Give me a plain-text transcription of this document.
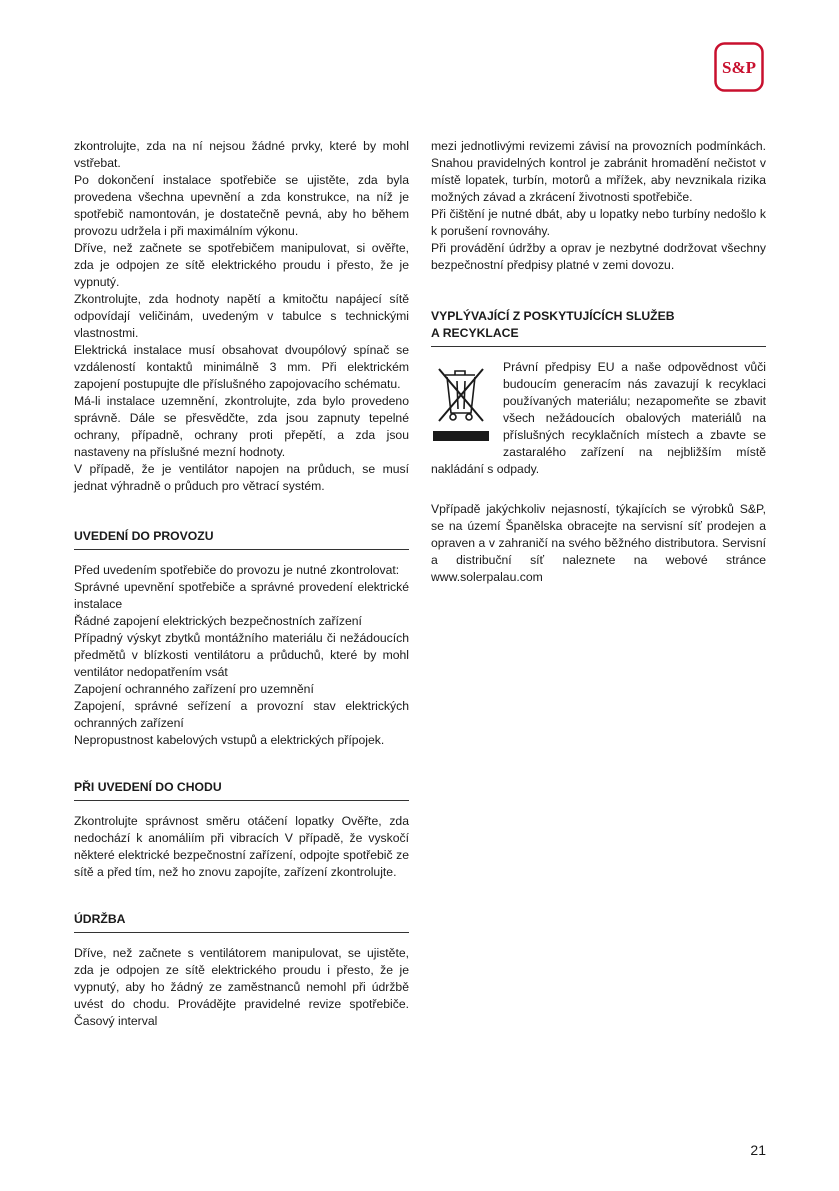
S&P

zkontrolujte, zda na ní nejsou žádné prvky, které by mohl vstřebat.

Po dokončení instalace spotřebiče se ujistěte, zda byla provedena všechna upevnění a zda konstrukce, na níž je spotřebič namontován, je dostatečně pevná, aby ho během provozu udržela i při maximálním výkonu.

Dříve, než začnete se spotřebičem manipulovat, si ověřte, zda je odpojen ze sítě elektrického proudu i přesto, že je vypnutý.

Zkontrolujte, zda hodnoty napětí a kmitočtu napájecí sítě odpovídají veličinám, uvedeným v tabulce s technickými vlastnostmi.

Elektrická instalace musí obsahovat dvoupólový spínač se vzdáleností kontaktů minimálně 3 mm. Při elektrickém zapojení postupujte dle příslušného zapojovacího schématu.

Má-li instalace uzemnění, zkontrolujte, zda bylo provedeno správně. Dále se přesvědčte, zda jsou zapnuty tepelné ochrany, případně, ochrany proti přepětí, a zda jsou nastaveny na příslušné mezní hodnoty.

V případě, že je ventilátor napojen na průduch, se musí jednat výhradně o průduch pro větrací systém.

UVEDENÍ DO PROVOZU

Před uvedením spotřebiče do provozu je nutné zkontrolovat:

Správné upevnění spotřebiče a správné provedení elektrické instalace

Řádné zapojení elektrických bezpečnostních zařízení

Případný výskyt zbytků montážního materiálu či nežádoucích předmětů v blízkosti ventilátoru a průduchů, které by mohl ventilátor nedopatřením vsát

Zapojení ochranného zařízení pro uzemnění

Zapojení, správné seřízení a provozní stav elektrických ochranných zařízení

Nepropustnost kabelových vstupů a elektrických přípojek.

PŘI UVEDENÍ DO CHODU

Zkontrolujte správnost směru otáčení lopatky Ověřte, zda nedochází k anomáliím při vibracích V případě, že vyskočí některé elektrické bezpečnostní zařízení, odpojte spotřebič ze sítě a před tím, než ho znovu zapojíte, zařízení zkontrolujte.

ÚDRŽBA

Dříve, než začnete s ventilátorem manipulovat, se ujistěte, zda je odpojen ze sítě elektrického proudu i přesto, že je vypnutý, aby ho žádný ze zaměstnanců nemohl při údržbě uvést do chodu. Provádějte pravidelné revize spotřebiče. Časový interval

mezi jednotlivými revizemi závisí na provozních podmínkách. Snahou pravidelných kontrol je zabránit hromadění nečistot v místě lopatek, turbín, motorů a mřížek, aby nevznikala rizika možných závad a zkrácení životnosti spotřebiče.

Při čištění je nutné dbát, aby u lopatky nebo turbíny nedošlo k k porušení rovnováhy.

Při provádění údržby a oprav je nezbytné dodržovat všechny bezpečnostní předpisy platné v zemi dovozu.

VYPLÝVAJÍCÍ Z POSKYTUJÍCÍCH SLUŽEB
A RECYKLACE

Právní předpisy EU a naše odpovědnost vůči budoucím generacím nás zavazují k recyklaci používaných materiálu; nezapomeňte se zbavit všech nežádoucích obalových materiálů na příslušných recyklačních místech a zbavte se zastaralého zařízení na nejbližším místě nakládání s odpady.

Vpřípadě jakýchkoliv nejasností, týkajících se výrobků S&P, se na území Španělska obracejte na servisní síť prodejen a opraven a v zahraničí na svého běžného distributora. Servisní a distribuční síť naleznete na webové stránce www.solerpalau.com

21
